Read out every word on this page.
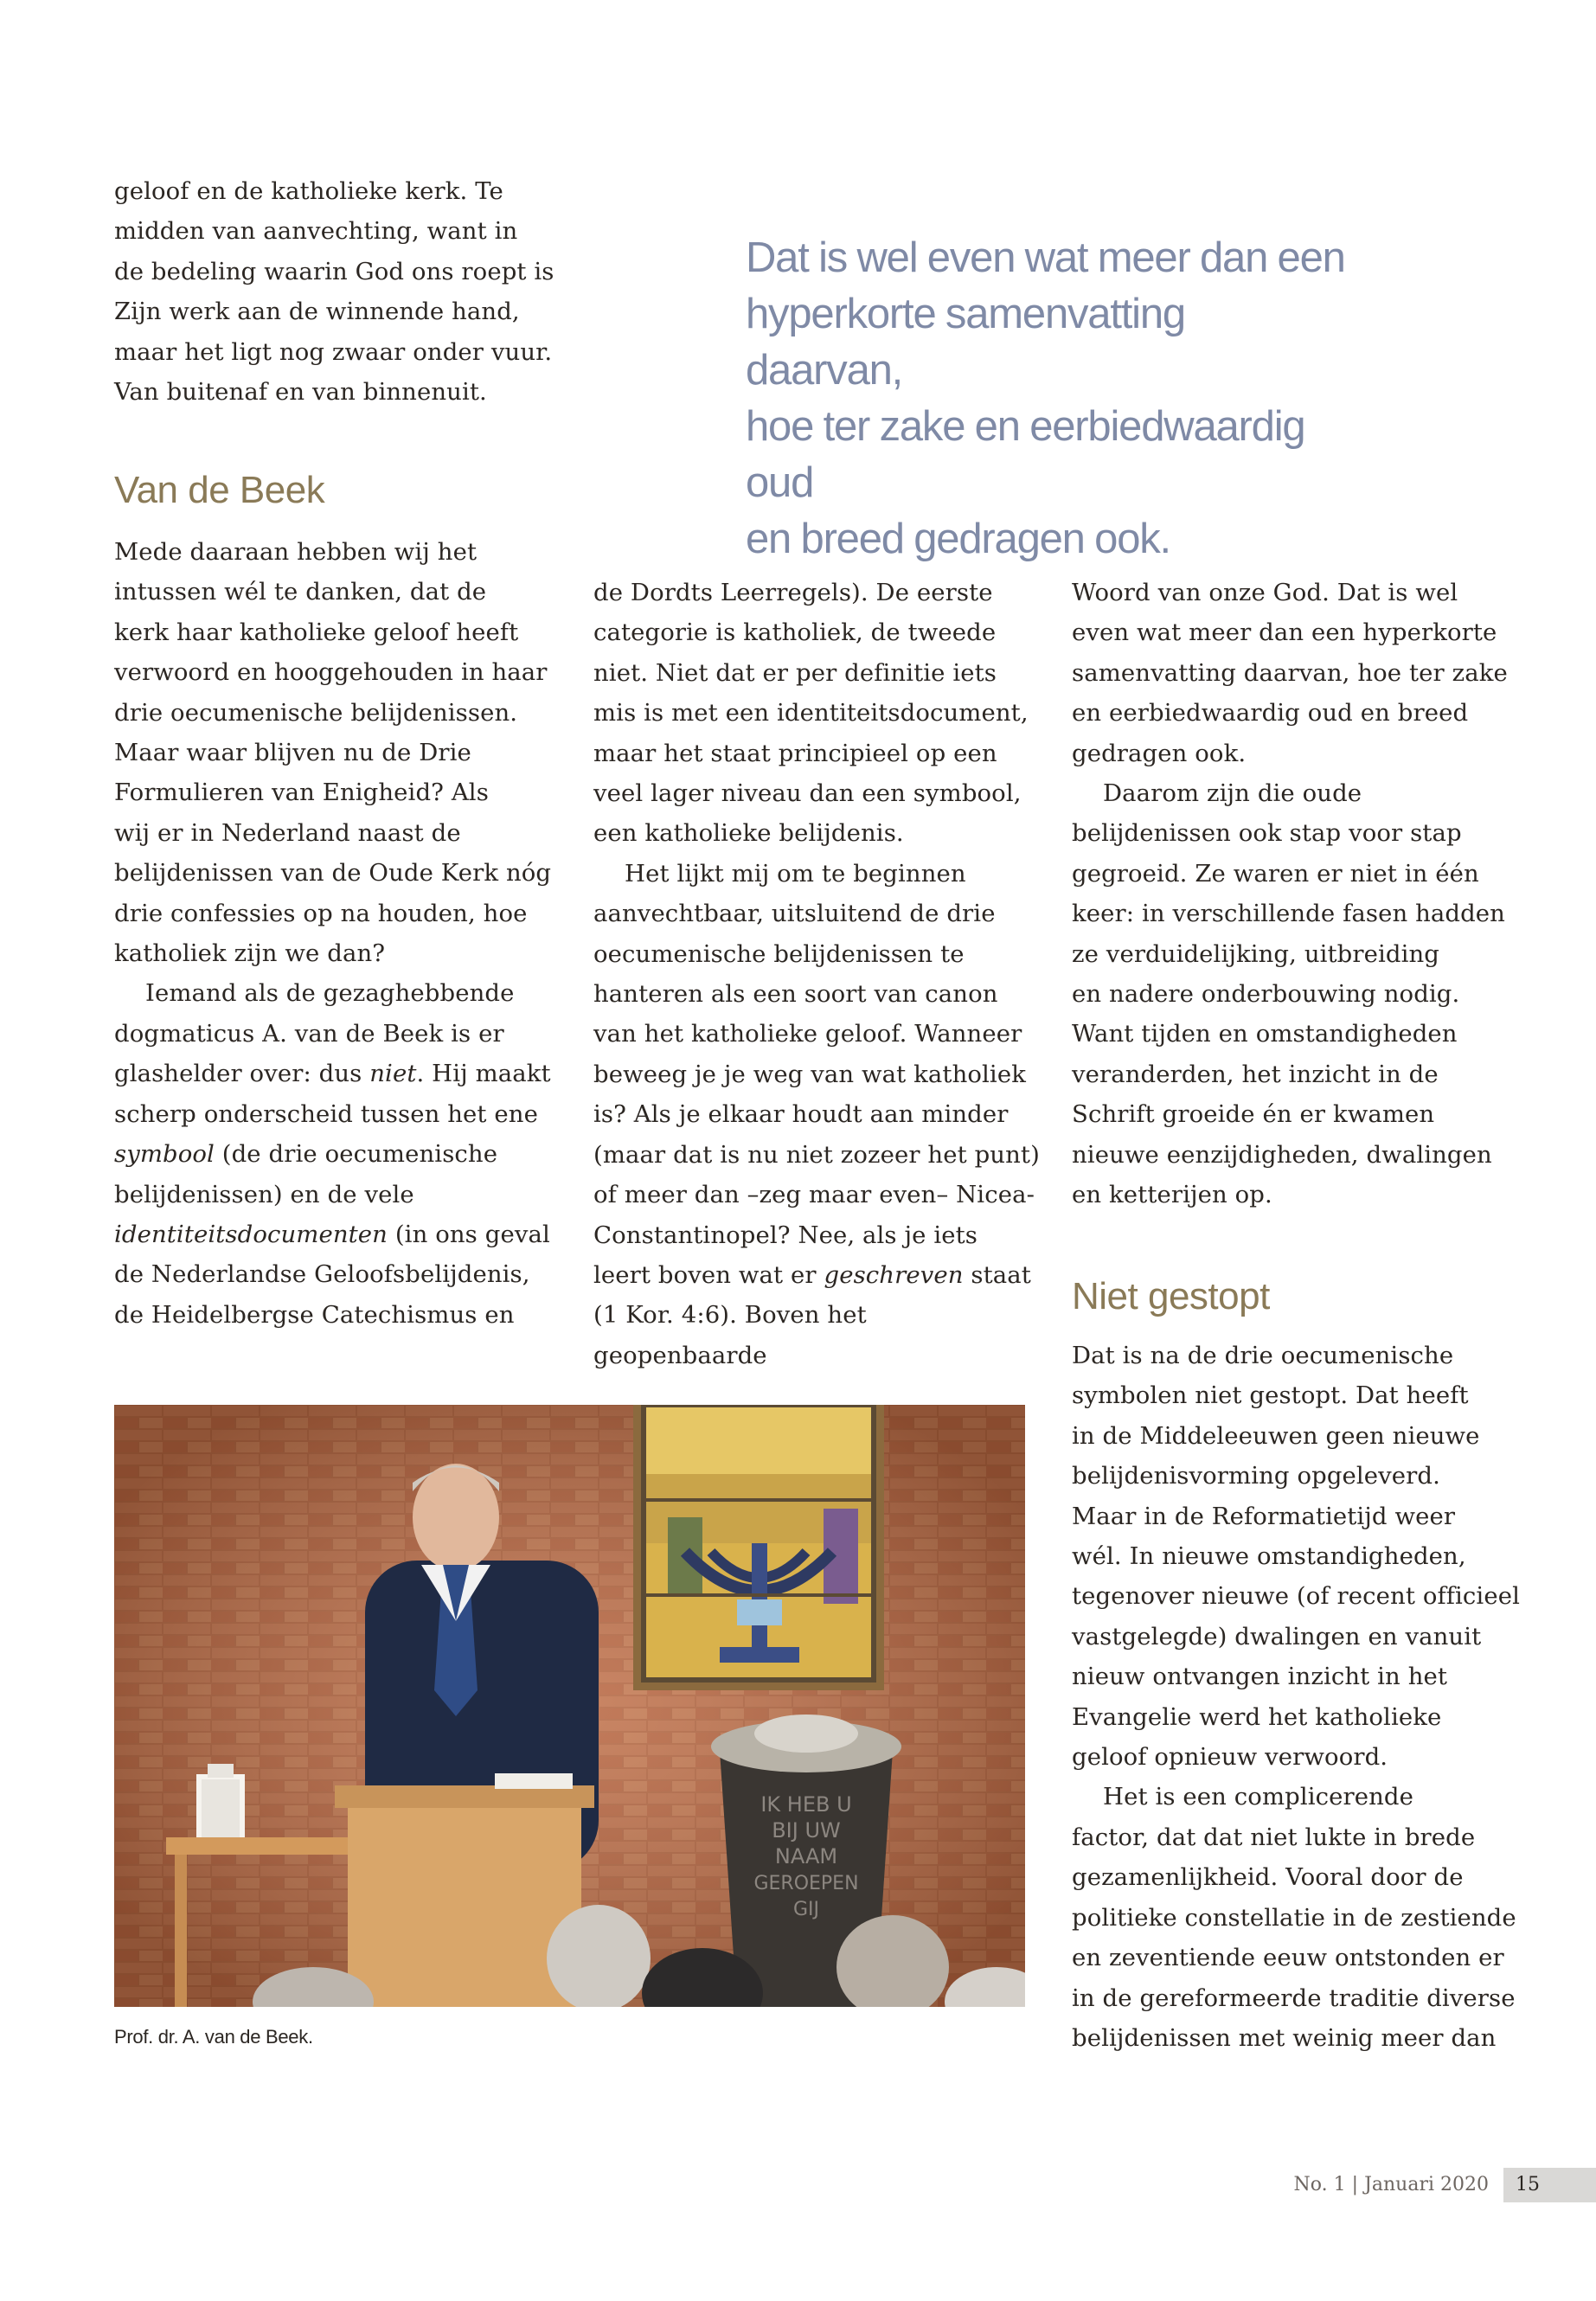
geloof en de katholieke kerk. Te
midden van aanvechting, want in
de bedeling waarin God ons roept is
Zijn werk aan de winnende hand,
maar het ligt nog zwaar onder vuur.
Van buitenaf en van binnenuit.

Dat is wel even wat meer dan een
hyperkorte samenvatting daarvan,
hoe ter zake en eerbiedwaardig oud
en breed gedragen ook.
Van de Beek

Mede daaraan hebben wij het
intussen wél te danken, dat de
kerk haar katholieke geloof heeft
verwoord en hooggehouden in haar
drie oecumenische belijdenissen.
Maar waar blijven nu de Drie
Formulieren van Enigheid? Als
wij er in Nederland naast de
belijdenissen van de Oude Kerk nóg
drie confessies op na houden, hoe
katholiek zijn we dan?

Iemand als de gezaghebbende
dogmaticus A. van de Beek is er
glashelder over: dus niet. Hij maakt
scherp onderscheid tussen het ene
symbool (de drie oecumenische
belijdenissen) en de vele
identiteitsdocumenten (in ons geval
de Nederlandse Geloofsbelijdenis,
de Heidelbergse Catechismus en

de Dordts Leerregels). De eerste
categorie is katholiek, de tweede
niet. Niet dat er per definitie iets
mis is met een identiteitsdocument,
maar het staat principieel op een
veel lager niveau dan een symbool,
een katholieke belijdenis.

Het lijkt mij om te beginnen
aanvechtbaar, uitsluitend de drie
oecumenische belijdenissen te
hanteren als een soort van canon
van het katholieke geloof. Wanneer
beweeg je je weg van wat katholiek
is? Als je elkaar houdt aan minder
(maar dat is nu niet zozeer het punt)
of meer dan –zeg maar even– Nicea-
Constantinopel? Nee, als je iets
leert boven wat er geschreven staat
(1 Kor. 4:6). Boven het geopenbaarde

Woord van onze God. Dat is wel
even wat meer dan een hyperkorte
samenvatting daarvan, hoe ter zake
en eerbiedwaardig oud en breed
gedragen ook.

Daarom zijn die oude
belijdenissen ook stap voor stap
gegroeid. Ze waren er niet in één
keer: in verschillende fasen hadden
ze verduidelijking, uitbreiding
en nadere onderbouwing nodig.
Want tijden en omstandigheden
veranderden, het inzicht in de
Schrift groeide én er kwamen
nieuwe eenzijdigheden, dwalingen
en ketterijen op.

Niet gestopt

Dat is na de drie oecumenische
symbolen niet gestopt. Dat heeft
in de Middeleeuwen geen nieuwe
belijdenisvorming opgeleverd.
Maar in de Reformatietijd weer
wél. In nieuwe omstandigheden,
tegenover nieuwe (of recent officieel
vastgelegde) dwalingen en vanuit
nieuw ontvangen inzicht in het
Evangelie werd het katholieke
geloof opnieuw verwoord.

Het is een complicerende
factor, dat dat niet lukte in brede
gezamenlijkheid. Vooral door de
politieke constellatie in de zestiende
en zeventiende eeuw ontstonden er
in de gereformeerde traditie diverse
belijdenissen met weinig meer dan

IK HEB U
BIJ UW
NAAM
GEROEPEN
GIJ
Prof. dr. A. van de Beek.
No. 1 | Januari 2020 15
